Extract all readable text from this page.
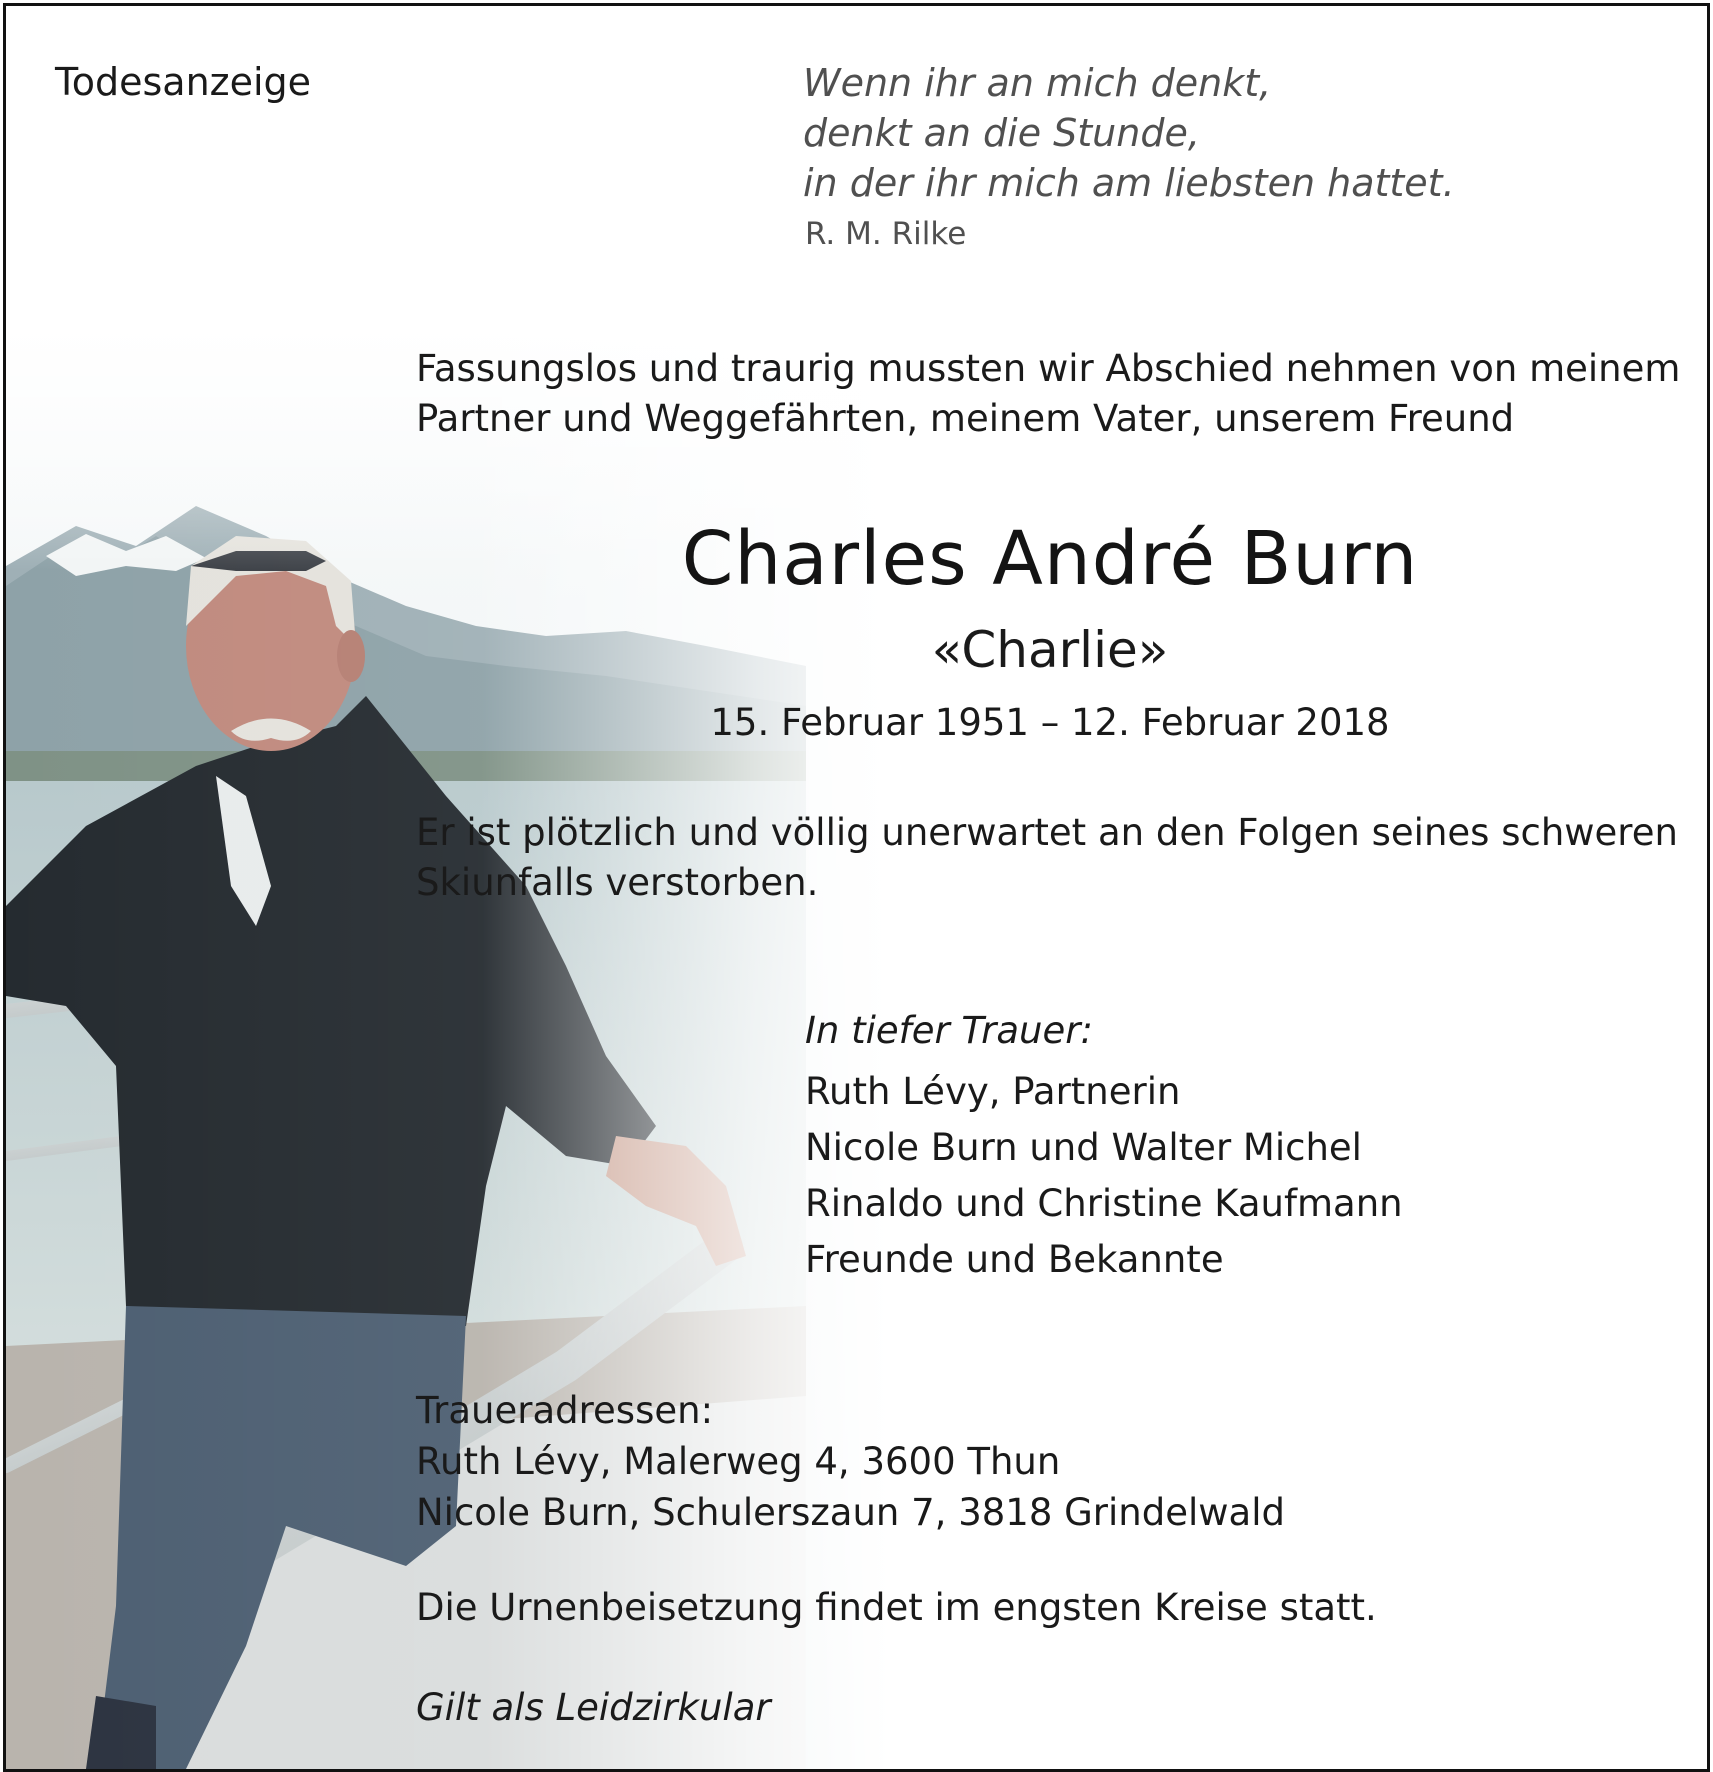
Todesanzeige	Wenn ihr an mich denkt,
denkt an die Stunde,
in der ihr mich am liebsten hattet.

R. M. Rilke

Fassungslos und traurig mussten wir Abschied nehmen von meinem
Partner und Weggefährten, meinem Vater, unserem Freund
Charles André Burn

«Charlie»

15. Februar 1951 – 12. Februar 2018

Er ist plötzlich und völlig unerwartet an den Folgen seines schweren
Skiunfalls verstorben.

In tiefer Trauer:

Ruth Lévy, Partnerin
Nicole Burn und Walter Michel
Rinaldo und Christine Kaufmann
Freunde und Bekannte
Traueradressen:
Ruth Lévy, Malerweg 4, 3600 Thun
Nicole Burn, Schulerszaun 7, 3818 Grindelwald

Die Urnenbeisetzung findet im engsten Kreise statt.

Gilt als Leidzirkular
